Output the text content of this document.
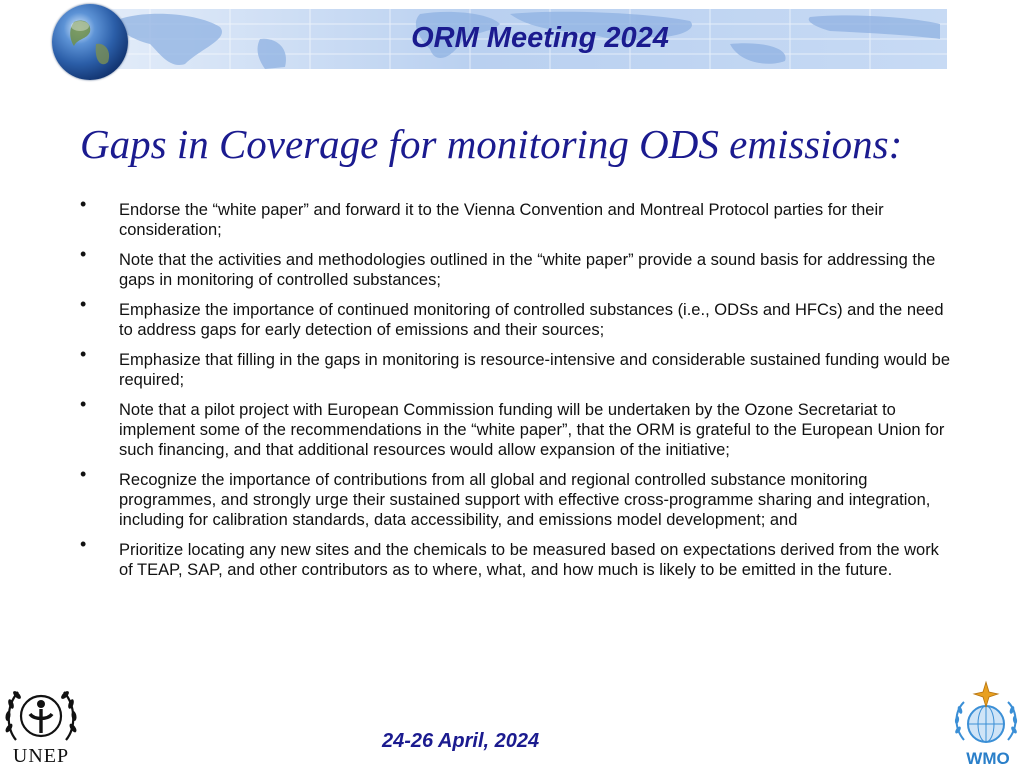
ORM Meeting 2024
Gaps in Coverage for monitoring ODS emissions:
• Endorse the “white paper” and forward it to the Vienna Convention and Montreal Protocol parties for their consideration;
• Note that the activities and methodologies outlined in the “white paper” provide a sound basis for addressing the gaps in monitoring of controlled substances;
• Emphasize the importance of continued monitoring of controlled substances (i.e., ODSs and HFCs) and the need to address gaps for early detection of emissions and their sources;
• Emphasize that filling in the gaps in monitoring is resource-intensive and considerable sustained funding would be required;
• Note that a pilot project with European Commission funding will be undertaken by the Ozone Secretariat to implement some of the recommendations in the “white paper”, that the ORM is grateful to the European Union for such financing, and that additional resources would allow expansion of the initiative;
• Recognize the importance of contributions from all global and regional controlled substance monitoring programmes, and strongly urge their sustained support with effective cross-programme sharing and integration, including for calibration standards, data accessibility, and emissions model development; and
• Prioritize locating any new sites and the chemicals to be measured based on expectations derived from the work of TEAP, SAP, and other contributors as to where, what, and how much is likely to be emitted in the future.
UNEP
24-26 April, 2024
WMO
